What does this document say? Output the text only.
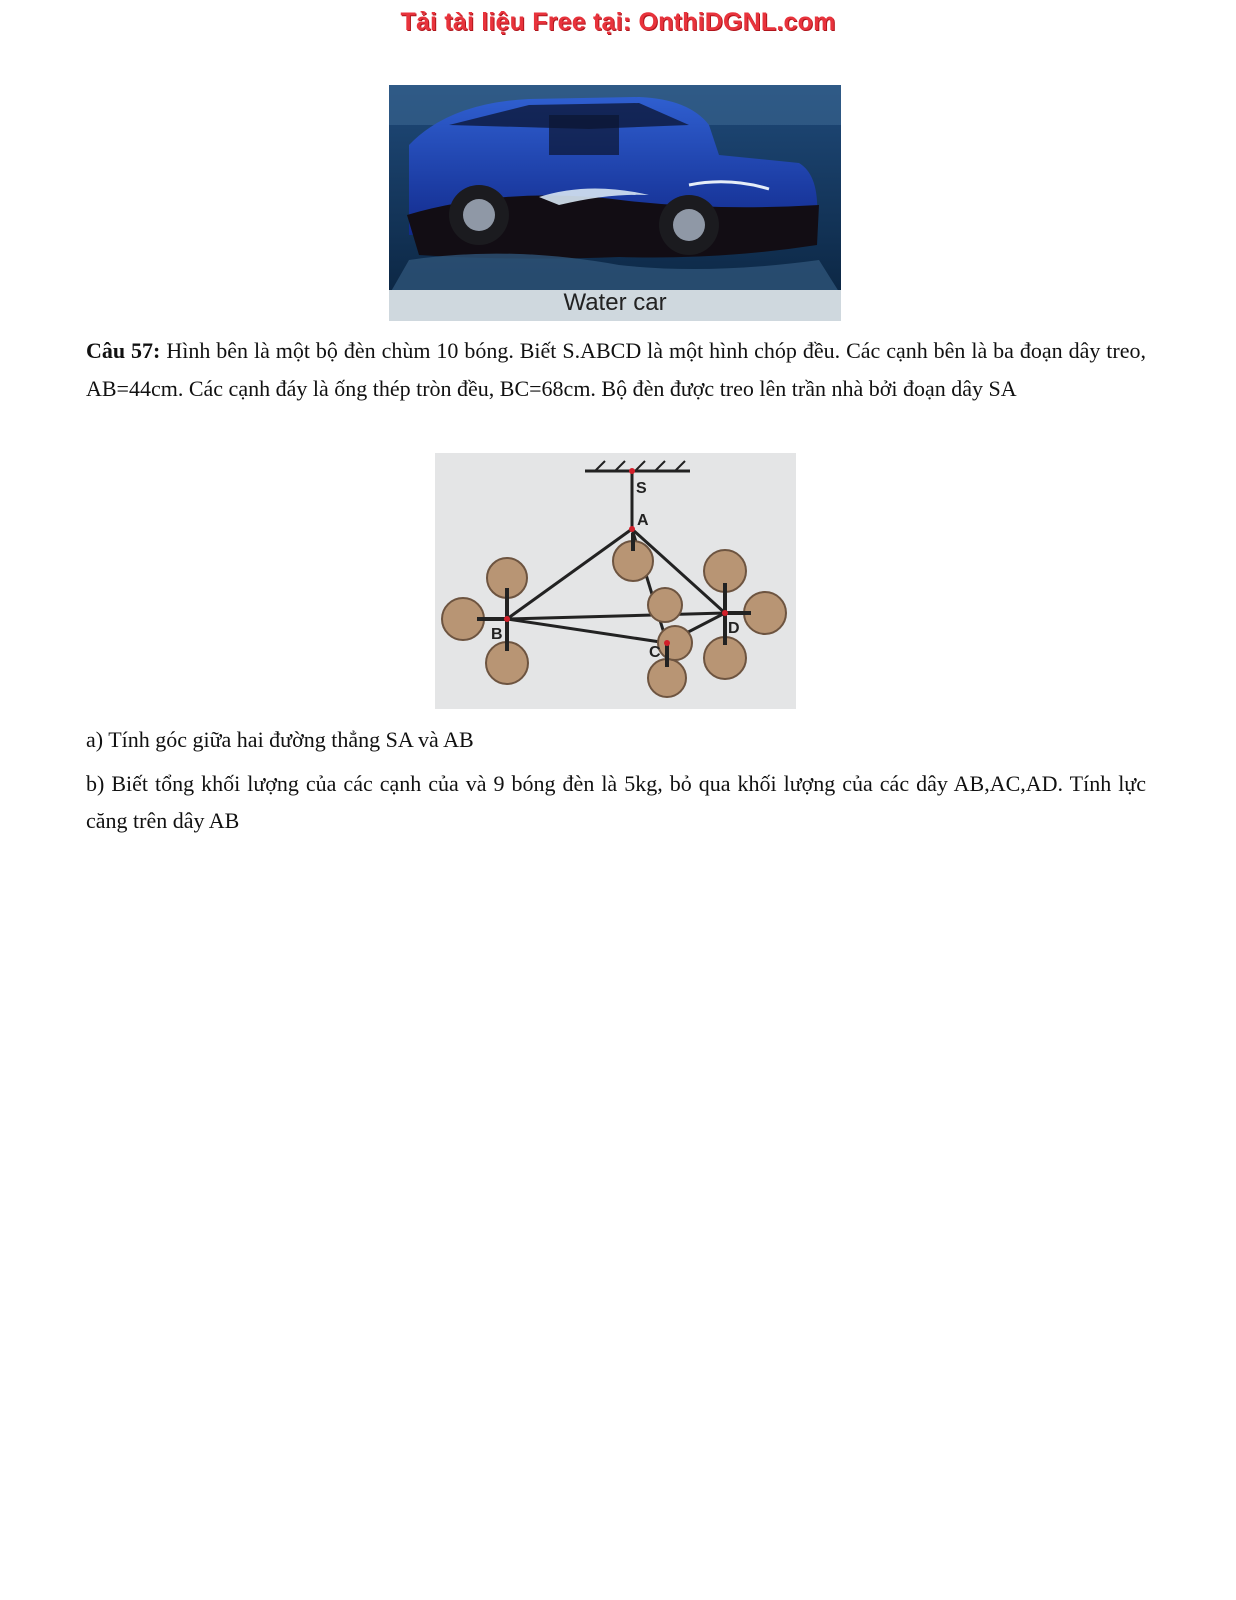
Tải tài liệu Free tại: OnthiDGNL.com
Water car
Câu 57: Hình bên là một bộ đèn chùm 10 bóng. Biết S.ABCD là một hình chóp đều. Các cạnh bên là ba đoạn dây treo, AB=44cm. Các cạnh đáy là ống thép tròn đều, BC=68cm. Bộ đèn được treo lên trần nhà bởi đoạn dây SA
S
A
B
C
D
a) Tính góc giữa hai đường thẳng SA và AB
b) Biết tổng khối lượng của các cạnh của và 9 bóng đèn là 5kg, bỏ qua khối lượng của các dây AB,AC,AD. Tính lực căng trên dây AB
